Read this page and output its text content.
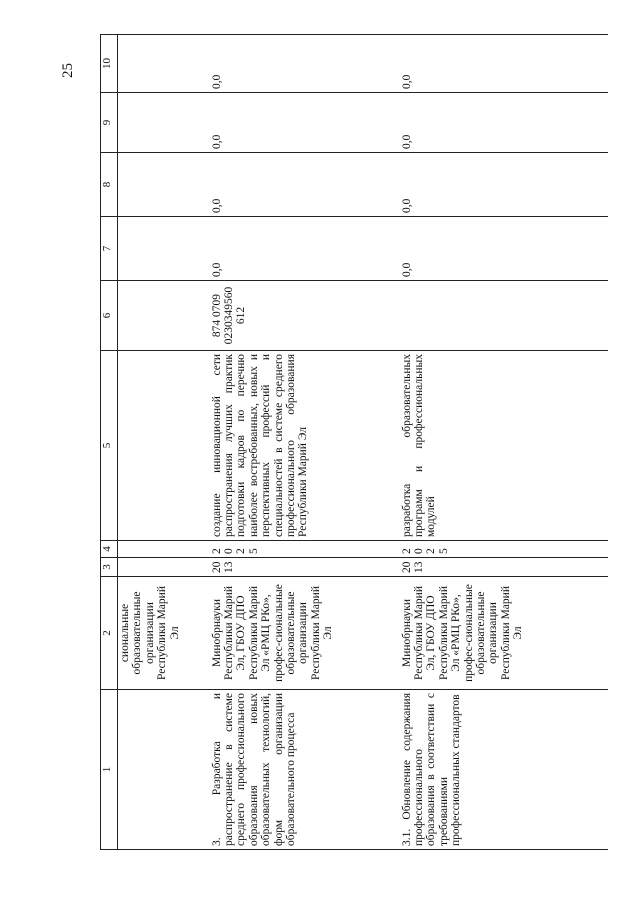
25
1	2	3	4	5	6	7	8	9	10
	сиональные образовательные организации Республики Марий Эл								
3. Разработка и распространение в системе среднего профессионального образования новых образовательных технологий, форм организации образовательного процесса	Минобрнауки Республики Марий Эл, ГБОУ ДПО Республики Марий Эл «РМЦ РКо», профес-сиональные образовательные организации Республики Марий Эл	2013	2025	создание инновационной сети распространения лучших практик подготовки кадров по перечню наиболее востребованных, новых и перспективных профессий и специальностей в системе среднего профессионального образования Республики Марий Эл	874 0709 0230349560 612	0,0	0,0	0,0	0,0
3.1. Обновление содержания профессионального образования в соответствии с требованиями профессиональных стандартов	Минобрнауки Республики Марий Эл, ГБОУ ДПО Республики Марий Эл «РМЦ РКо», профес-сиональные образовательные организации Республики Марий Эл	2013	2025	разработка образовательных программ и профессиональных модулей		0,0	0,0	0,0	0,0
